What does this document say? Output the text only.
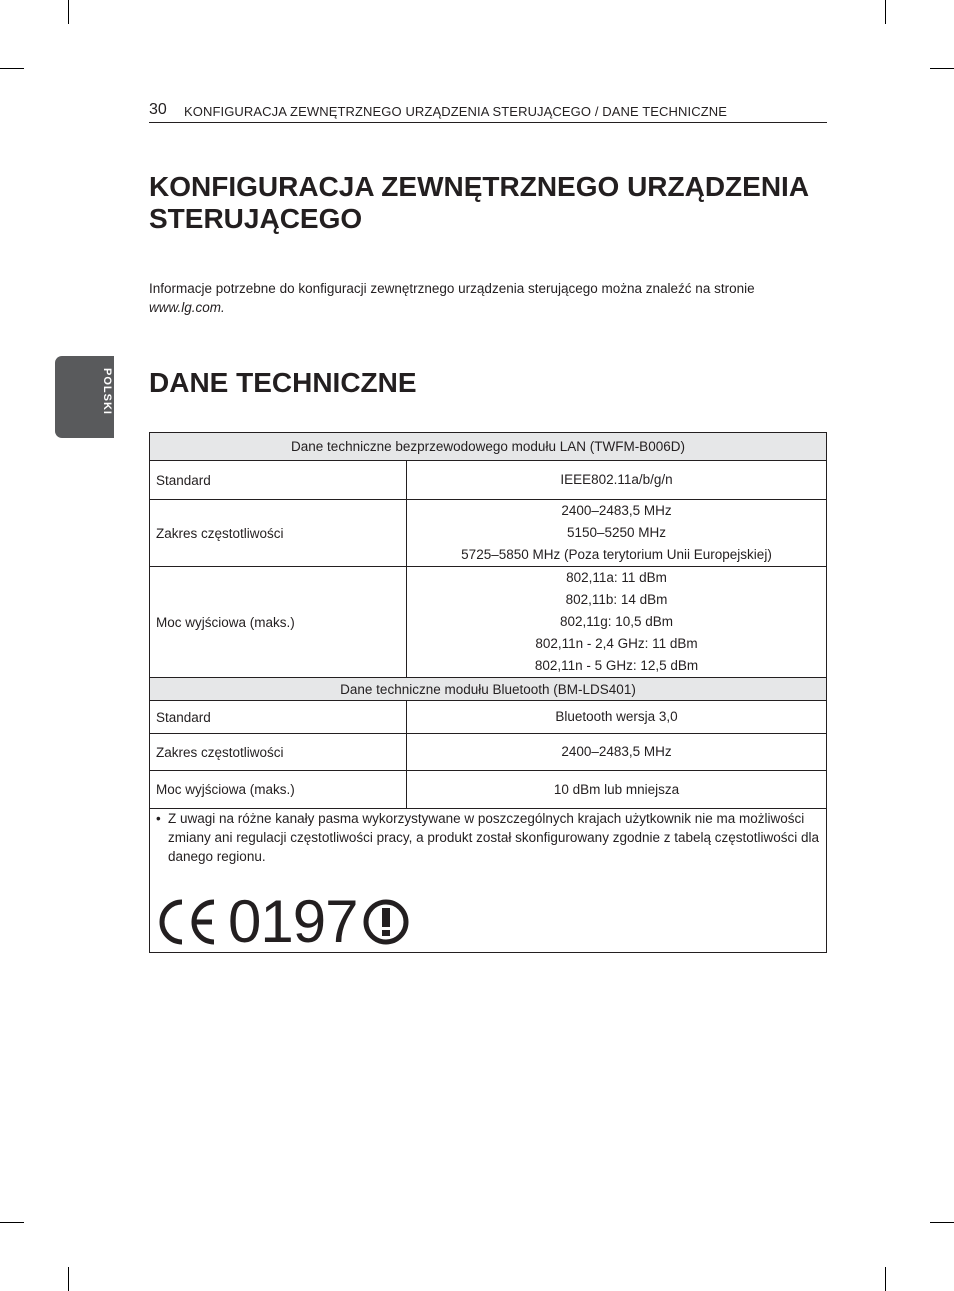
30 KONFIGURACJA ZEWNĘTRZNEGO URZĄDZENIA STERUJĄCEGO / DANE TECHNICZNE
POLSKI
KONFIGURACJA ZEWNĘTRZNEGO URZĄDZENIA STERUJĄCEGO

Informacje potrzebne do konfiguracji zewnętrznego urządzenia sterującego można znaleźć na stronie www.lg.com.

DANE TECHNICZNE
Dane techniczne bezprzewodowego modułu LAN (TWFM-B006D)	
Standard	IEEE802.11a/b/g/n

Zakres częstotliwości	2400–2483,5 MHz
5150–5250 MHz
5725–5850 MHz (Poza terytorium Unii Europejskiej)

Moc wyjściowa (maks.)	802,11a: 11 dBm
802,11b: 14 dBm
802,11g: 10,5 dBm
802,11n - 2,4 GHz: 11 dBm
802,11n - 5 GHz: 12,5 dBm

Dane techniczne modułu Bluetooth (BM-LDS401)	
Standard	Bluetooth wersja 3,0

Zakres częstotliwości	2400–2483,5 MHz

Moc wyjściowa (maks.)	10 dBm lub mniejsza

• Z uwagi na różne kanały pasma wykorzystywane w poszczególnych krajach użytkownik nie ma możliwości zmiany ani regulacji częstotliwości pracy, a produkt został skonfigurowany zgodnie z tabelą częstotliwości dla danego regionu.
0197	
